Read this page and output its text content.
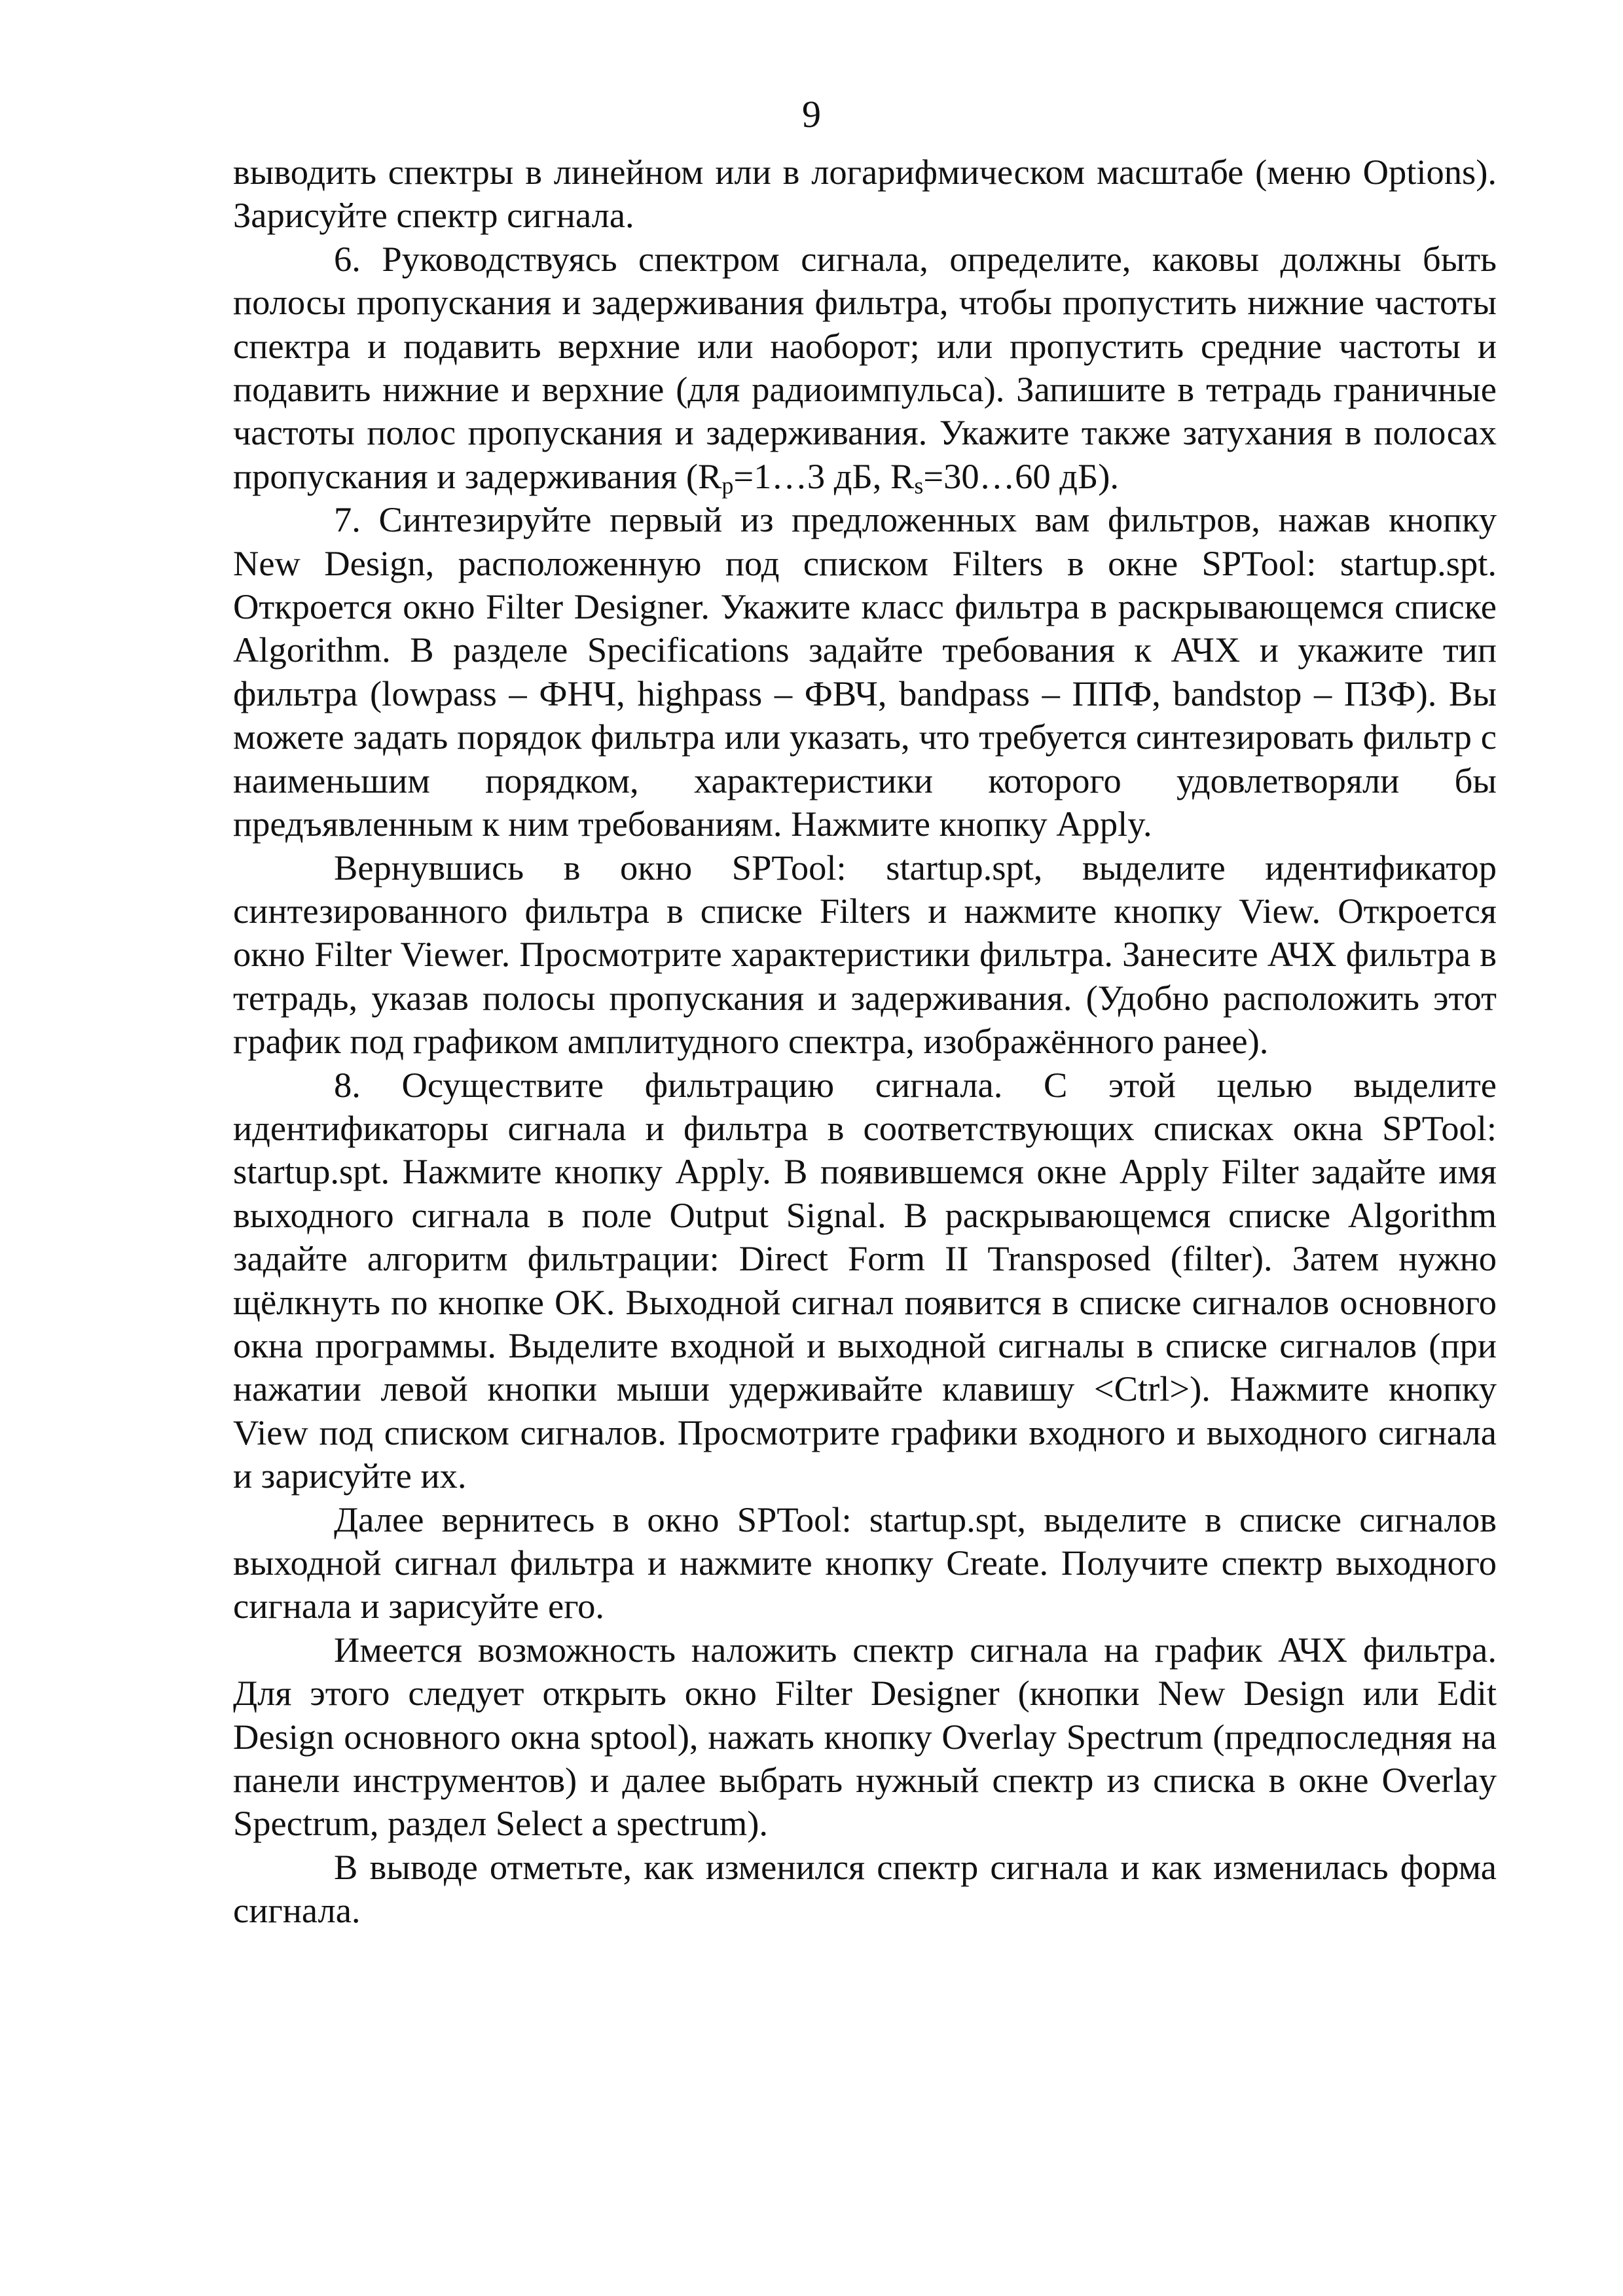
9

выводить спектры в линейном или в логарифмическом масштабе (меню Options). Зарисуйте спектр сигнала.

6. Руководствуясь спектром сигнала, определите, каковы должны быть полосы пропускания и задерживания фильтра, чтобы пропустить нижние частоты спектра и подавить верхние или наоборот; или пропустить средние частоты и подавить нижние и верхние (для радиоимпульса). Запишите в тетрадь граничные частоты полос пропускания и задерживания. Укажите также затухания в полосах пропускания и задерживания ($R_p=1\dots 3$ дБ, $R_s=30\dots 60$ дБ).

7. Синтезируйте первый из предложенных вам фильтров, нажав кнопку New Design, расположенную под списком Filters в окне SPTool: startup.spt. Откроется окно Filter Designer. Укажите класс фильтра в раскрывающемся списке Algorithm. В разделе Specifications задайте требования к АЧХ и укажите тип фильтра (lowpass – ФНЧ, highpass – ФВЧ, bandpass – ППФ, bandstop – ПЗФ). Вы можете задать порядок фильтра или указать, что требуется синтезировать фильтр с наименьшим порядком, характеристики которого удовлетворяли бы предъявленным к ним требованиям. Нажмите кнопку Apply.

Вернувшись в окно SPTool: startup.spt, выделите идентификатор синтезированного фильтра в списке Filters и нажмите кнопку View. Откроется окно Filter Viewer. Просмотрите характеристики фильтра. Занесите АЧХ фильтра в тетрадь, указав полосы пропускания и задерживания. (Удобно расположить этот график под графиком амплитудного спектра, изображённого ранее).

8. Осуществите фильтрацию сигнала. С этой целью выделите идентификаторы сигнала и фильтра в соответствующих списках окна SPTool: startup.spt. Нажмите кнопку Apply. В появившемся окне Apply Filter задайте имя выходного сигнала в поле Output Signal. В раскрывающемся списке Algorithm задайте алгоритм фильтрации: Direct Form II Transposed (filter). Затем нужно щёлкнуть по кнопке OK. Выходной сигнал появится в списке сигналов основного окна программы. Выделите входной и выходной сигналы в списке сигналов (при нажатии левой кнопки мыши удерживайте клавишу <Ctrl>). Нажмите кнопку View под списком сигналов. Просмотрите графики входного и выходного сигнала и зарисуйте их.

Далее вернитесь в окно SPTool: startup.spt, выделите в списке сигналов выходной сигнал фильтра и нажмите кнопку Create. Получите спектр выходного сигнала и зарисуйте его.

Имеется возможность наложить спектр сигнала на график АЧХ фильтра. Для этого следует открыть окно Filter Designer (кнопки New Design или Edit Design основного окна sptool), нажать кнопку Overlay Spectrum (предпоследняя на панели инструментов) и далее выбрать нужный спектр из списка в окне Overlay Spectrum, раздел Select a spectrum).

В выводе отметьте, как изменился спектр сигнала и как изменилась форма сигнала.
